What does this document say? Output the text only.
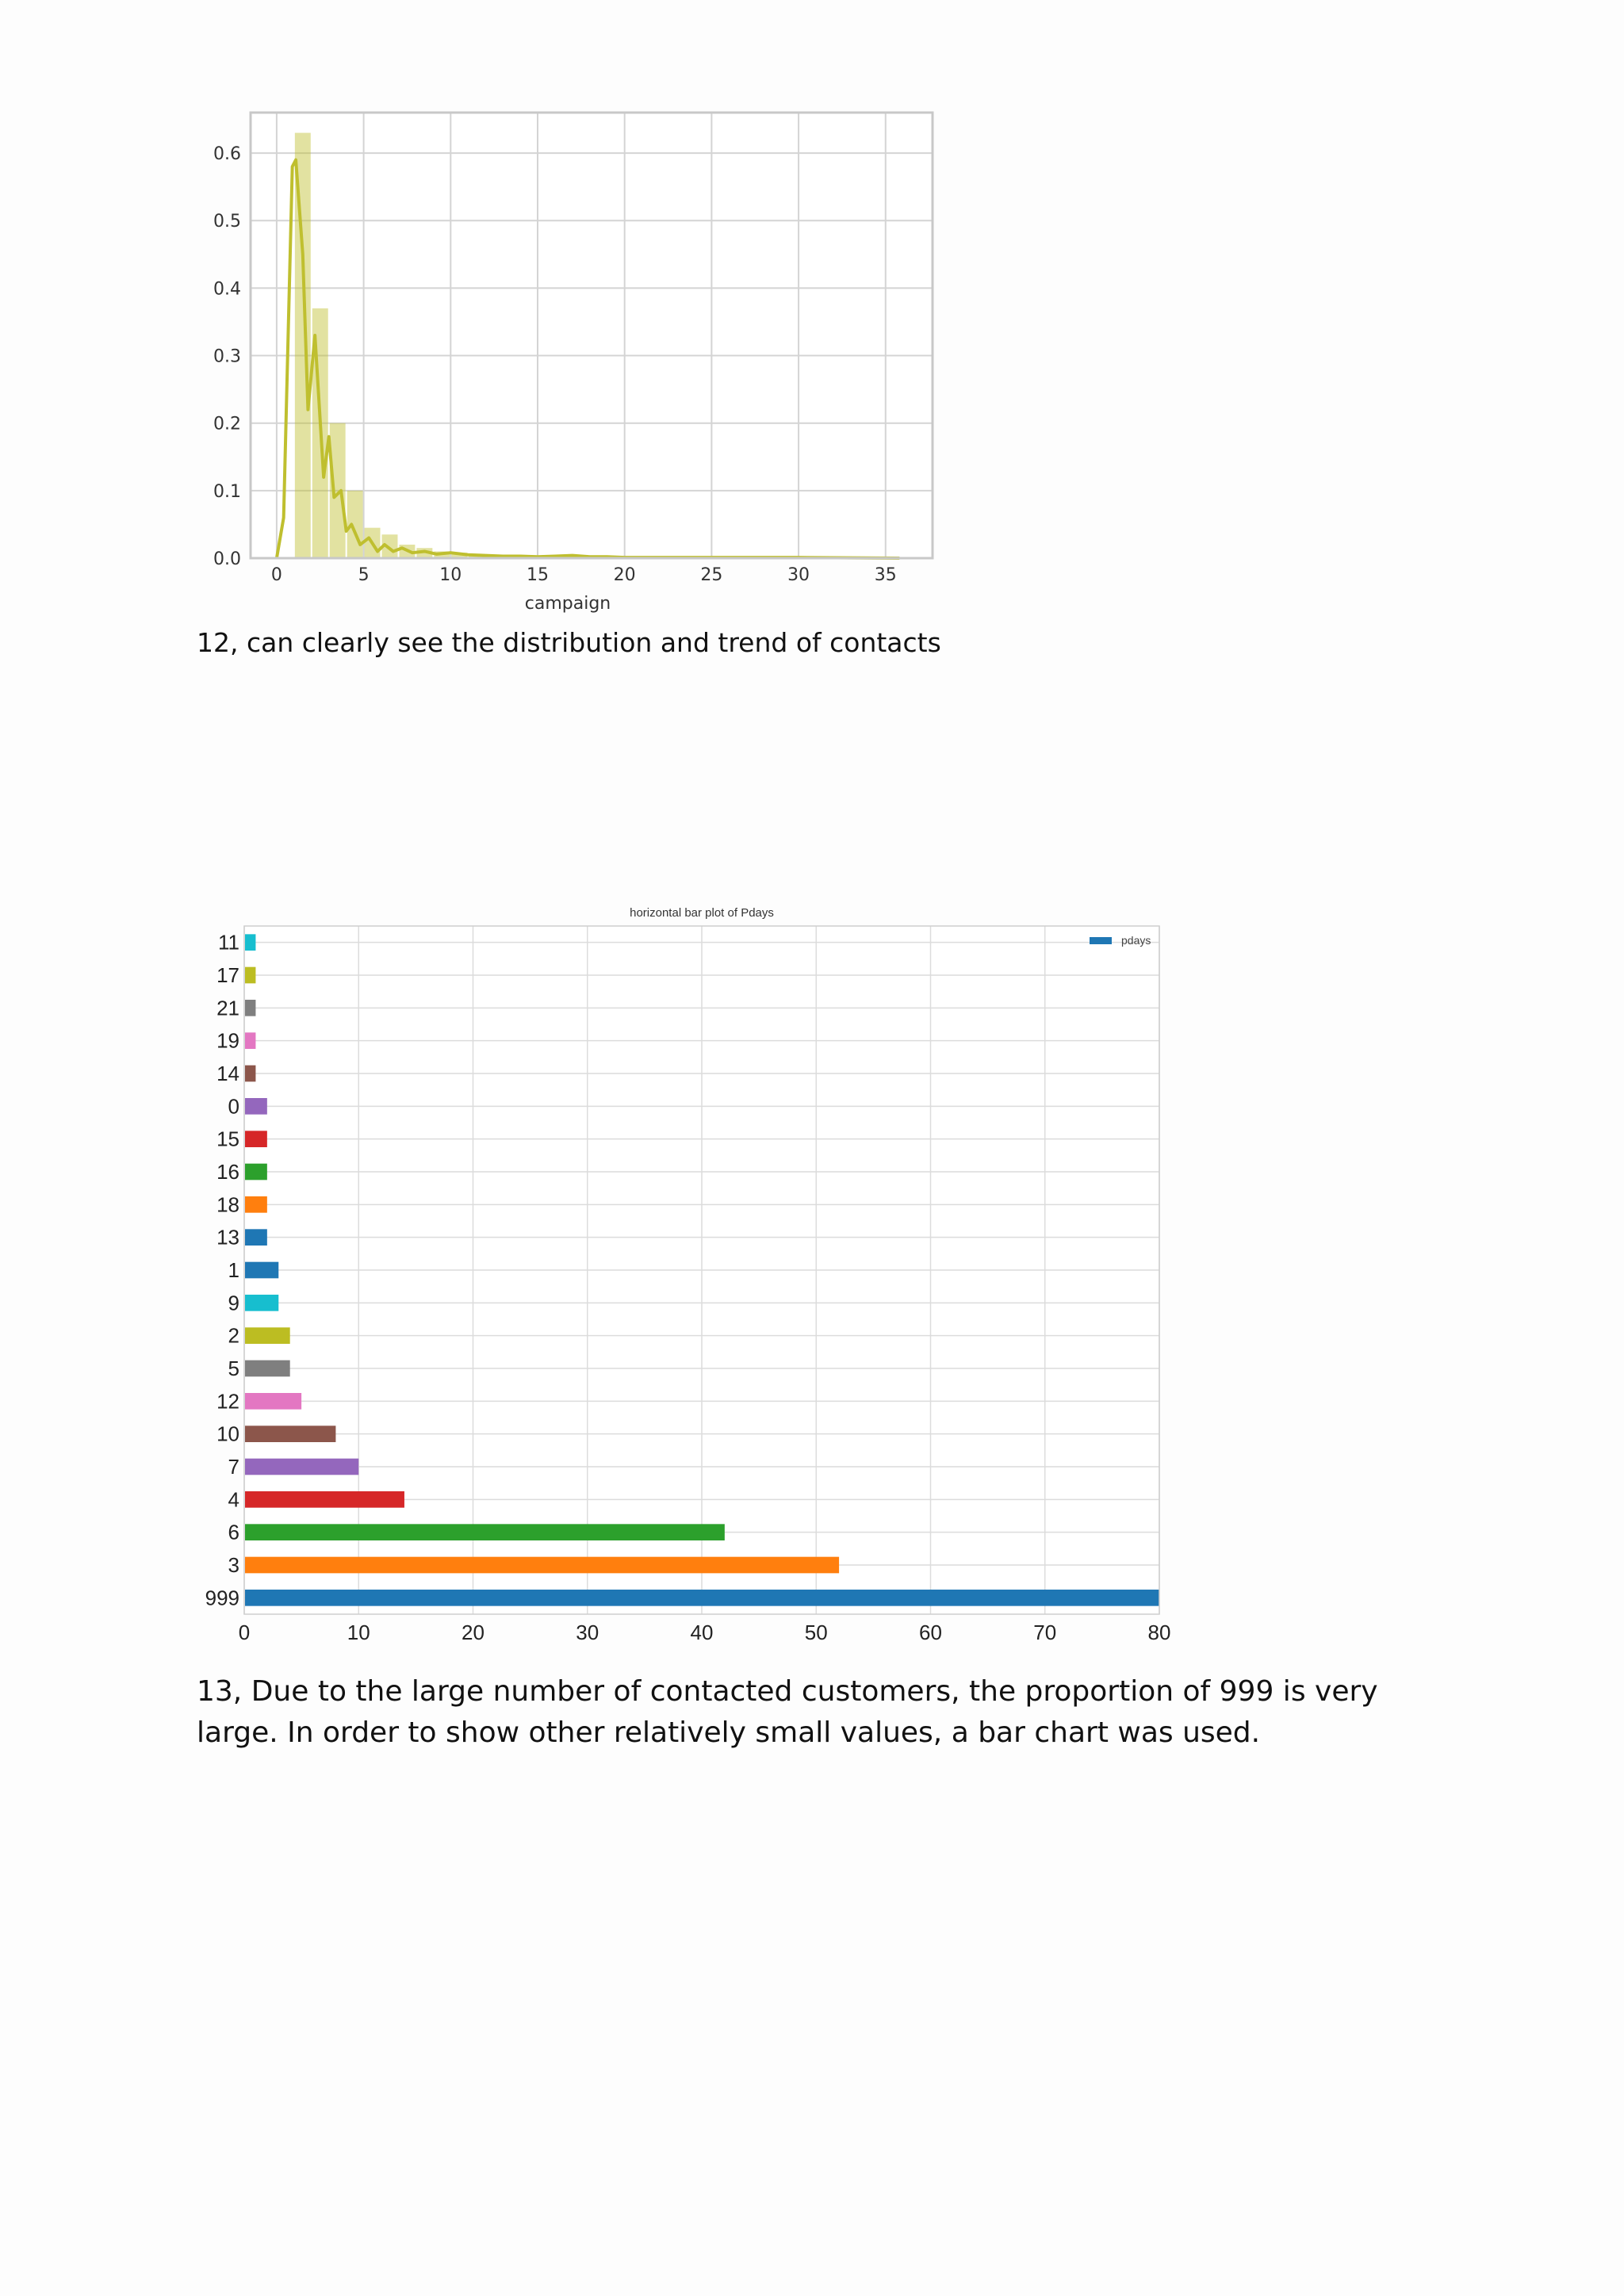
0	5	10	15	20	25	30	35
0.0
0.1
0.2
0.3
0.4
0.5
0.6
campaign

12, can clearly see the distribution and trend of contacts

horizontal bar plot of Pdays
0	10	20	30	40	50	60	70	80
11
17
21
19
14
0
15
16
18
13
1
9
2
5
12
10
7
4
6
3
999
pdays

13, Due to the large number of contacted customers, the proportion of 999 is very large. In order to show other relatively small values, a bar chart was used.
